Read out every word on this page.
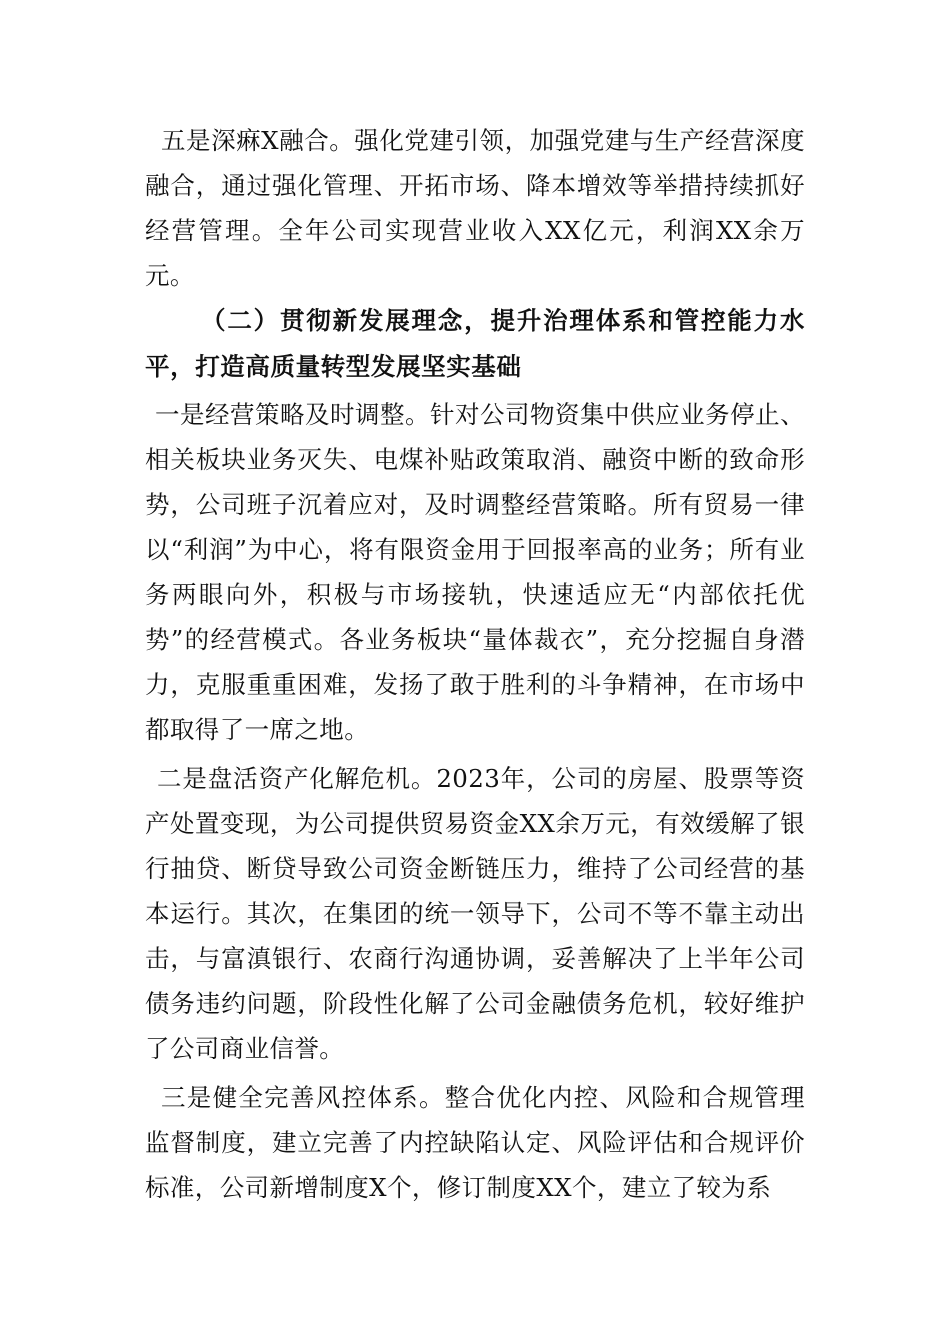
五是深痳X融合。强化党建引领，加强党建与生产经营深度融合，通过强化管理、开拓市场、降本增效等举措持续抓好经营管理。全年公司实现营业收入XX亿元，利润XX余万元。

（二）贯彻新发展理念，提升治理体系和管控能力水平，打造高质量转型发展坚实基础

一是经营策略及时调整。针对公司物资集中供应业务停止、相关板块业务灭失、电煤补贴政策取消、融资中断的致命形势，公司班子沉着应对，及时调整经营策略。所有贸易一律以“利润”为中心，将有限资金用于回报率高的业务；所有业务两眼向外，积极与市场接轨，快速适应无“内部依托优势”的经营模式。各业务板块“量体裁衣”，充分挖掘自身潜力，克服重重困难，发扬了敢于胜利的斗争精神，在市场中都取得了一席之地。

二是盘活资产化解危机。2023年，公司的房屋、股票等资产处置变现，为公司提供贸易资金XX余万元，有效缓解了银行抽贷、断贷导致公司资金断链压力，维持了公司经营的基本运行。其次，在集团的统一领导下，公司不等不靠主动出击，与富滇银行、农商行沟通协调，妥善解决了上半年公司债务违约问题，阶段性化解了公司金融债务危机，较好维护了公司商业信誉。

三是健全完善风控体系。整合优化内控、风险和合规管理监督制度，建立完善了内控缺陷认定、风险评估和合规评价标准，公司新增制度X个，修订制度XX个，建立了较为系
